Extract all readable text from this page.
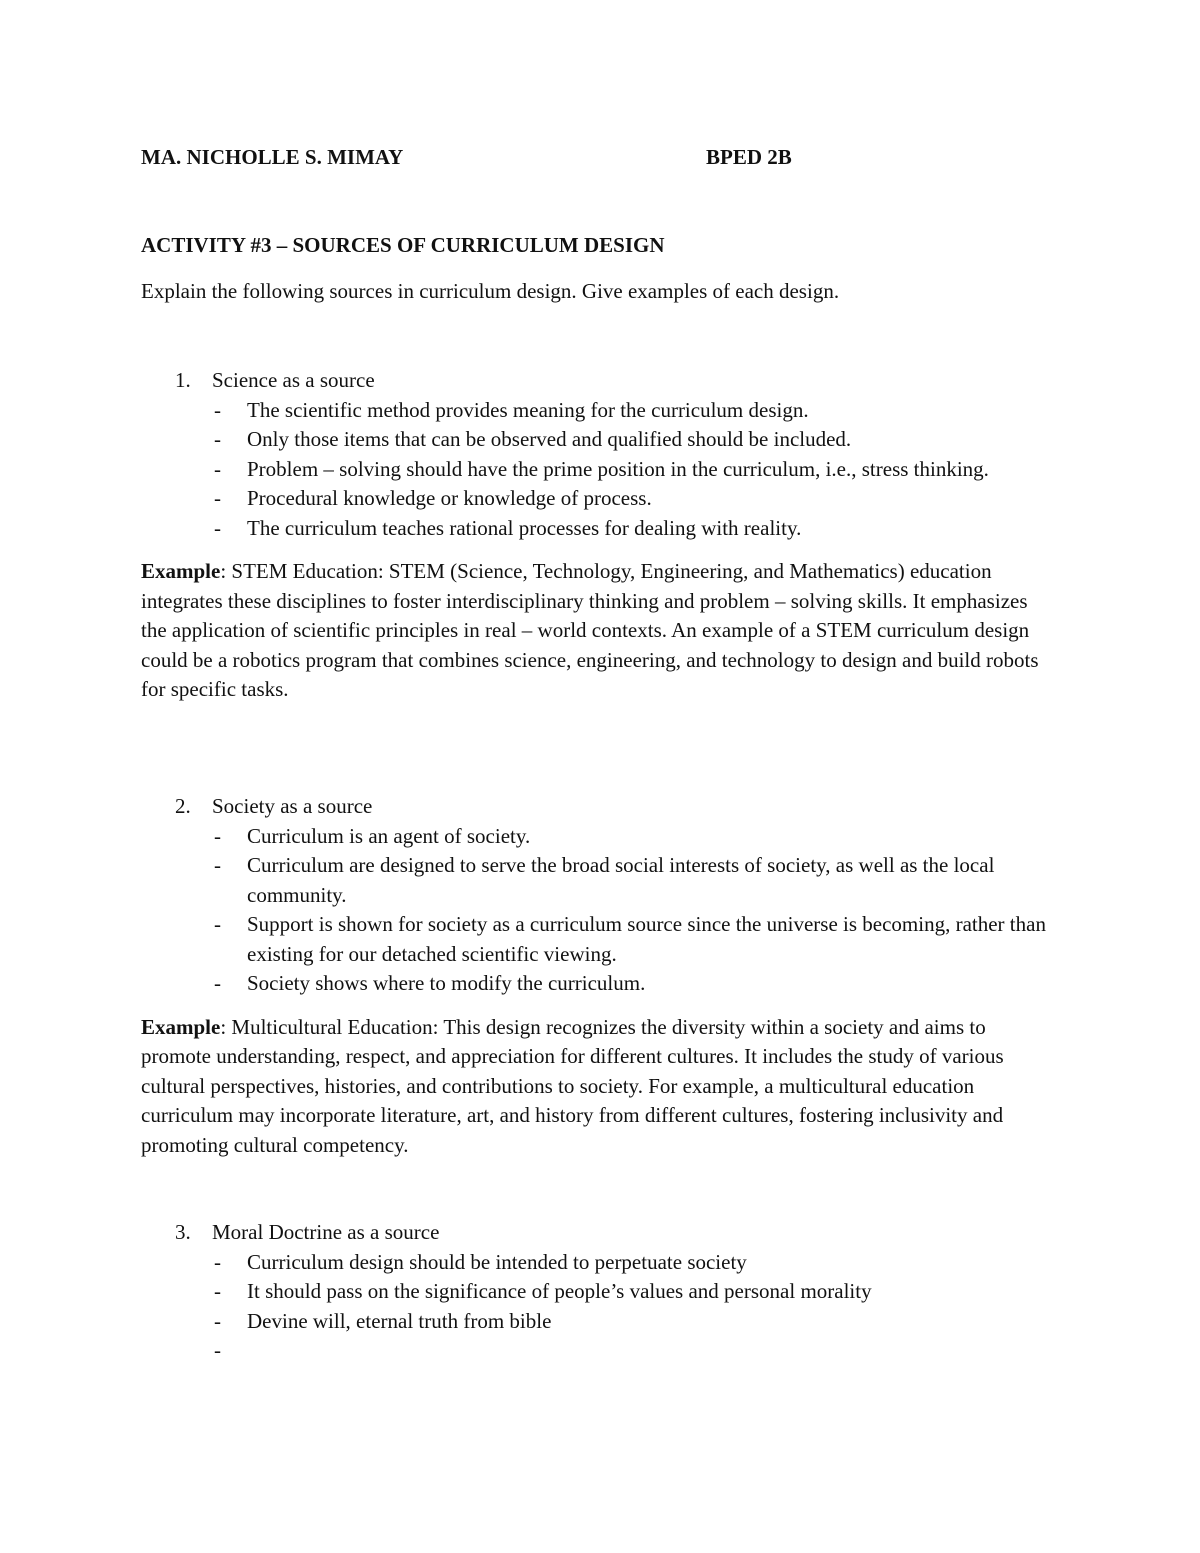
MA. NICHOLLE S. MIMAY	BPED 2B
ACTIVITY #3 – SOURCES OF CURRICULUM DESIGN
Explain the following sources in curriculum design. Give examples of each design.
1. Science as a source
- The scientific method provides meaning for the curriculum design.
- Only those items that can be observed and qualified should be included.
- Problem – solving should have the prime position in the curriculum, i.e., stress thinking.
- Procedural knowledge or knowledge of process.
- The curriculum teaches rational processes for dealing with reality.
Example: STEM Education: STEM (Science, Technology, Engineering, and Mathematics) education integrates these disciplines to foster interdisciplinary thinking and problem – solving skills. It emphasizes the application of scientific principles in real – world contexts. An example of a STEM curriculum design could be a robotics program that combines science, engineering, and technology to design and build robots for specific tasks.
2. Society as a source
- Curriculum is an agent of society.
- Curriculum are designed to serve the broad social interests of society, as well as the local community.
- Support is shown for society as a curriculum source since the universe is becoming, rather than existing for our detached scientific viewing.
- Society shows where to modify the curriculum.
Example: Multicultural Education: This design recognizes the diversity within a society and aims to promote understanding, respect, and appreciation for different cultures. It includes the study of various cultural perspectives, histories, and contributions to society. For example, a multicultural education curriculum may incorporate literature, art, and history from different cultures, fostering inclusivity and promoting cultural competency.
3. Moral Doctrine as a source
- Curriculum design should be intended to perpetuate society
- It should pass on the significance of people’s values and personal morality
- Devine will, eternal truth from bible
-
